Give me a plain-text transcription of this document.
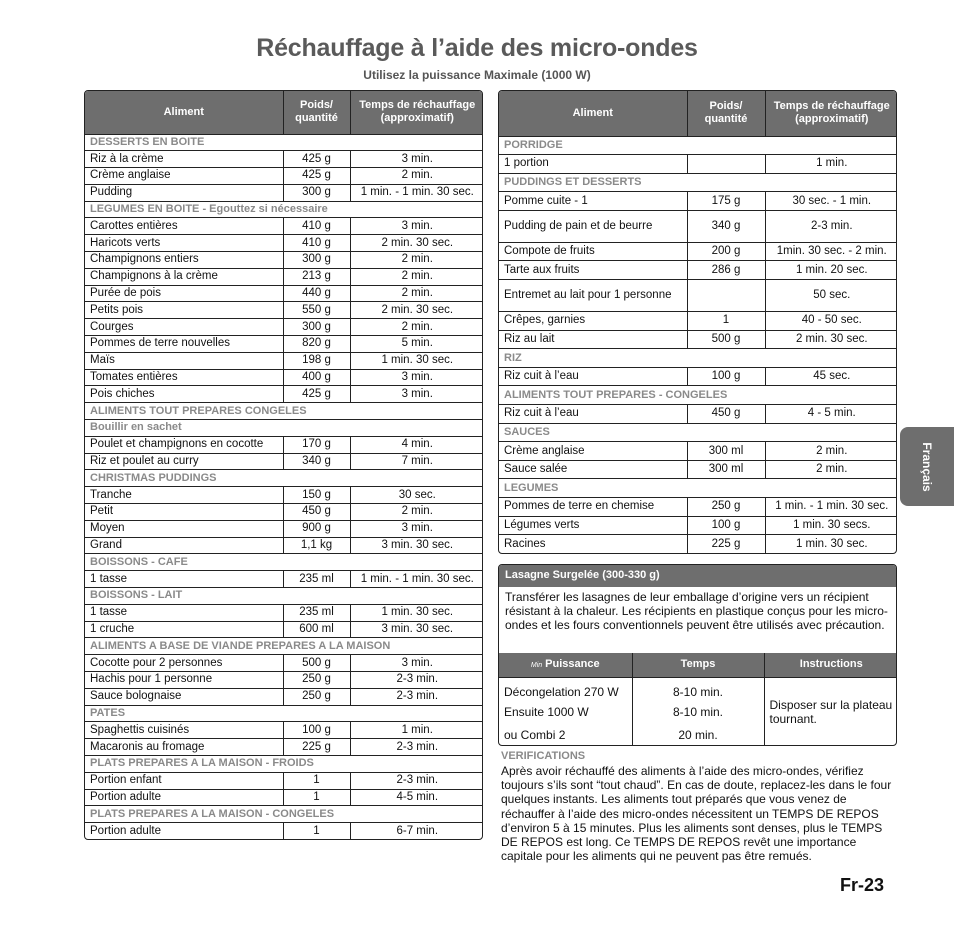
Réchauffage à l’aide des micro-ondes
Utilisez la puissance Maximale (1000 W)
Aliment	Poids/ quantité	Temps de réchauffage (approximatif)
DESSERTS EN BOITE		
Riz à la crème	425 g	3 min.
Crème anglaise	425 g	2 min.
Pudding	300 g	1 min. - 1 min. 30 sec.
LEGUMES EN BOITE - Egouttez si nécessaire		
Carottes entières	410 g	3 min.
Haricots verts	410 g	2 min. 30 sec.
Champignons entiers	300 g	2 min.
Champignons à la crème	213 g	2 min.
Purée de pois	440 g	2 min.
Petits pois	550 g	2 min. 30 sec.
Courges	300 g	2 min.
Pommes de terre nouvelles	820 g	5 min.
Maïs	198 g	1 min. 30 sec.
Tomates entières	400 g	3 min.
Pois chiches	425 g	3 min.
ALIMENTS TOUT PREPARES CONGELES		
Bouillir en sachet		
Poulet et champignons en cocotte	170 g	4 min.
Riz et poulet au curry	340 g	7 min.
CHRISTMAS PUDDINGS		
Tranche	150 g	30 sec.
Petit	450 g	2 min.
Moyen	900 g	3 min.
Grand	1,1 kg	3 min. 30 sec.
BOISSONS - CAFE		
1 tasse	235 ml	1 min. - 1 min. 30 sec.
BOISSONS - LAIT		
1 tasse	235 ml	1 min. 30 sec.
1 cruche	600 ml	3 min. 30 sec.
ALIMENTS A BASE DE VIANDE PREPARES A LA MAISON		
Cocotte pour 2 personnes	500 g	3 min.
Hachis pour 1 personne	250 g	2-3 min.
Sauce bolognaise	250 g	2-3 min.
PATES		
Spaghettis cuisinés	100 g	1 min.
Macaronis au fromage	225 g	2-3 min.
PLATS PREPARES A LA MAISON - FROIDS		
Portion enfant	1	2-3 min.
Portion adulte	1	4-5 min.
PLATS PREPARES A LA MAISON - CONGELES		
Portion adulte	1	6-7 min.
Aliment	Poids/ quantité	Temps de réchauffage (approximatif)
PORRIDGE		
1 portion		1 min.
PUDDINGS ET DESSERTS		
Pomme cuite - 1	175 g	30 sec. - 1 min.
Pudding de pain et de beurre	340 g	2-3 min.
Compote de fruits	200 g	1min. 30 sec. - 2 min.
Tarte aux fruits	286 g	1 min. 20 sec.
Entremet au lait pour 1 personne		50 sec.
Crêpes, garnies	1	40 - 50 sec.
Riz au lait	500 g	2 min. 30 sec.
RIZ		
Riz cuit à l’eau	100 g	45 sec.
ALIMENTS TOUT PREPARES - CONGELES		
Riz cuit à l’eau	450 g	4 - 5 min.
SAUCES		
Crème anglaise	300 ml	2 min.
Sauce salée	300 ml	2 min.
LEGUMES		
Pommes de terre en chemise	250 g	1 min. - 1 min. 30 sec.
Légumes verts	100 g	1 min. 30 secs.
Racines	225 g	1 min. 30 sec.
Lasagne Surgelée (300-330 g)
Transférer les lasagnes de leur emballage d’origine vers un récipient résistant à la chaleur. Les récipients en plastique conçus pour les micro- ondes et les fours conventionnels peuvent être utilisés avec précaution.
Min Puissance	Temps	Instructions
Décongelation 270 W	8-10 min.	Disposer sur la plateau tournant.
Ensuite 1000 W	8-10 min.	
ou Combi 2	20 min.	
VERIFICATIONS
Après avoir réchauffé des aliments à l’aide des micro-ondes, vérifiez toujours s’ils sont “tout chaud”. En cas de doute, replacez-les dans le four quelques instants. Les aliments tout préparés que vous venez de réchauffer à l’aide des micro-ondes nécessitent un TEMPS DE REPOS d’environ 5 à 15 minutes. Plus les aliments sont denses, plus le TEMPS DE REPOS est long. Ce TEMPS DE REPOS revêt une importance capitale pour les aliments qui ne peuvent pas être remués.
Français
Fr-23
